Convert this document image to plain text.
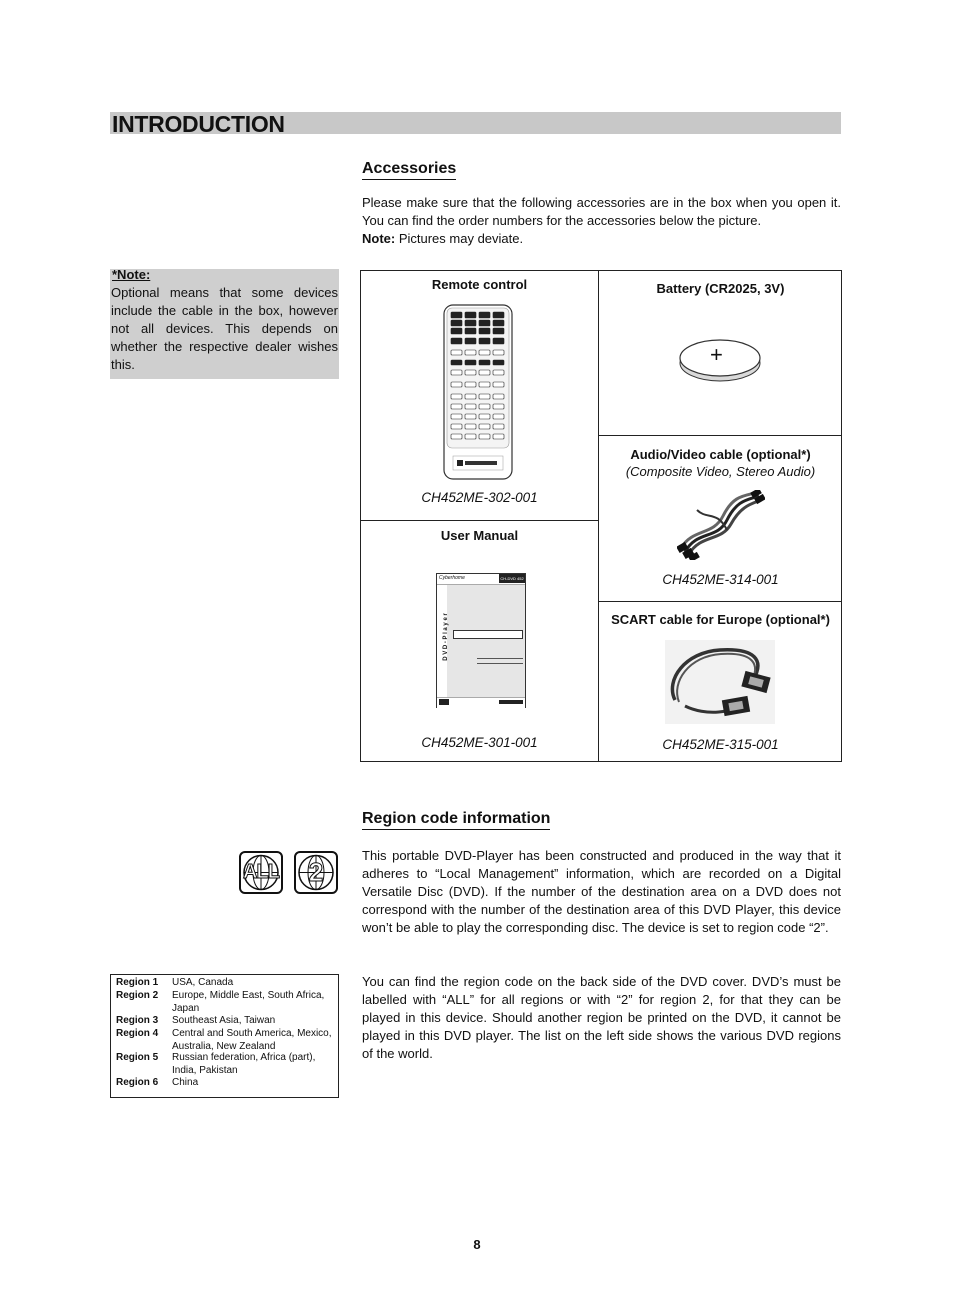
INTRODUCTION
Accessories
Please make sure that the following accessories are in the box when you open it. You can find the order numbers for the accessories below the picture.
Note: Pictures may deviate.
*Note:
Optional means that some devices include the cable in the box, however not all devices. This depends on whether the respective dealer wishes this.
Remote control
CH452ME-302-001
Battery (CR2025, 3V)
+
Audio/Video cable (optional*)
(Composite Video, Stereo Audio)
CH452ME-314-001
User Manual
Cyberhome	CH-DVD 452
D V D - P l a y e r
CH452ME-301-001
SCART cable for Europe (optional*)
CH452ME-315-001
Region code information
ALL	2
This portable DVD-Player has been constructed and produced in the way that it adheres to “Local Management” information, which are recorded on a Digital Versatile Disc (DVD). If the number of the destination area on a DVD does not correspond with the number of the destination area of this DVD Player, this device won’t be able to play the corresponding disc. The device is set to region code “2”.
You can find the region code on the back side of the DVD cover. DVD’s must be labelled with “ALL” for all regions or with “2” for region 2, for that they can be played in this device. Should another region be printed on the DVD, it cannot be played in this DVD player. The list on the left side shows the various DVD regions of the world.
Region 1	USA, Canada
Region 2	Europe, Middle East, South Africa, Japan
Region 3	Southeast Asia, Taiwan
Region 4	Central and South America, Mexico, Australia, New Zealand
Region 5	Russian federation, Africa (part), India, Pakistan
Region 6	China
8
